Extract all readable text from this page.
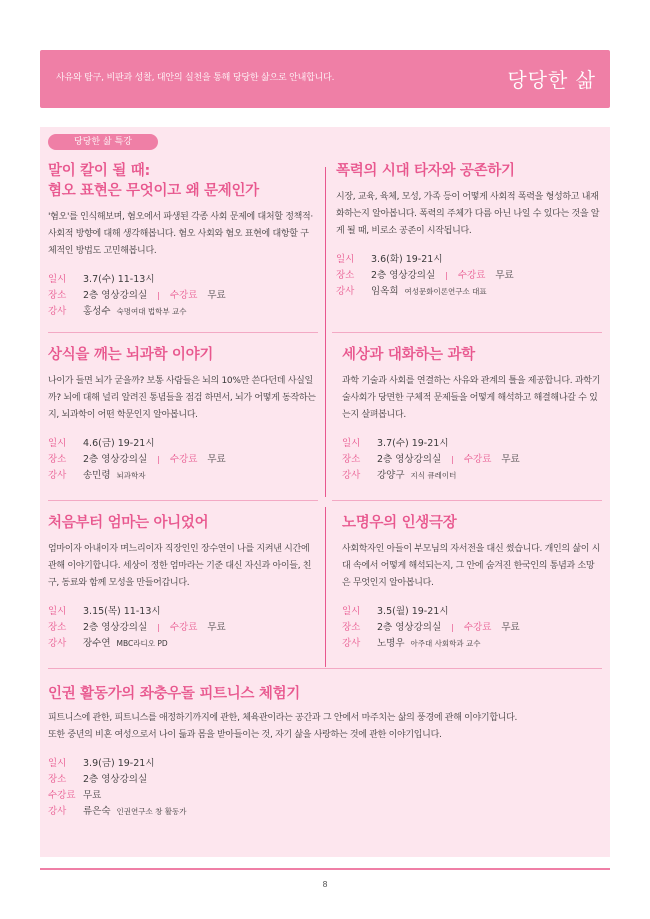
사유와 탐구, 비판과 성찰, 대안의 실천을 통해 당당한 삶으로 안내합니다.	당당한 삶
당당한 삶 특강
말이 칼이 될 때:
혐오 표현은 무엇이고 왜 문제인가
'혐오'를 인식해보며, 혐오에서 파생된 각종 사회 문제에 대처할 정책적·사회적 방향에 대해 생각해봅니다. 혐오 사회와 혐오 표현에 대항할 구체적인 방법도 고민해봅니다.
일시	3.7(수) 11-13시
장소	2층 영상강의실 | 수강료 무료
강사	홍성수 숙명여대 법학부 교수
폭력의 시대 타자와 공존하기
시장, 교육, 육체, 모성, 가족 등이 어떻게 사회적 폭력을 형성하고 내재화하는지 알아봅니다. 폭력의 주체가 다름 아닌 나일 수 있다는 것을 알게 될 때, 비로소 공존이 시작됩니다.
일시	3.6(화) 19-21시
장소	2층 영상강의실 | 수강료 무료
강사	임옥희 여성문화이론연구소 대표
상식을 깨는 뇌과학 이야기
나이가 들면 뇌가 굳을까? 보통 사람들은 뇌의 10%만 쓴다던데 사실일까? 뇌에 대해 널리 알려진 통념들을 점검 하면서, 뇌가 어떻게 동작하는지, 뇌과학이 어떤 학문인지 알아봅니다.
일시	4.6(금) 19-21시
장소	2층 영상강의실 | 수강료 무료
강사	송민령 뇌과학자
세상과 대화하는 과학
과학 기술과 사회를 연결하는 사유와 관계의 틀을 제공합니다. 과학기술사회가 당면한 구체적 문제들을 어떻게 해석하고 해결해나갈 수 있는지 살펴봅니다.
일시	3.7(수) 19-21시
장소	2층 영상강의실 | 수강료 무료
강사	강양구 지식 큐레이터
처음부터 엄마는 아니었어
엄마이자 아내이자 며느리이자 직장인인 장수연이 나를 지켜낸 시간에 관해 이야기합니다. 세상이 정한 엄마라는 기준 대신 자신과 아이들, 친구, 동료와 함께 모성을 만들어갑니다.
일시	3.15(목) 11-13시
장소	2층 영상강의실 | 수강료 무료
강사	장수연 MBC라디오 PD
노명우의 인생극장
사회학자인 아들이 부모님의 자서전을 대신 썼습니다. 개인의 삶이 시대 속에서 어떻게 해석되는지, 그 안에 숨겨진 한국인의 통념과 소망은 무엇인지 알아봅니다.
일시	3.5(월) 19-21시
장소	2층 영상강의실 | 수강료 무료
강사	노명우 아주대 사회학과 교수
인권 활동가의 좌충우돌 피트니스 체험기
피트니스에 관한, 피트니스를 애정하기까지에 관한, 체육관이라는 공간과 그 안에서 마주치는 삶의 풍경에 관해 이야기합니다.
또한 중년의 비혼 여성으로서 나이 듦과 몸을 받아들이는 것, 자기 삶을 사랑하는 것에 관한 이야기입니다.
일시	3.9(금) 19-21시
장소	2층 영상강의실
수강료 무료
강사	류은숙 인권연구소 창 활동가
8
